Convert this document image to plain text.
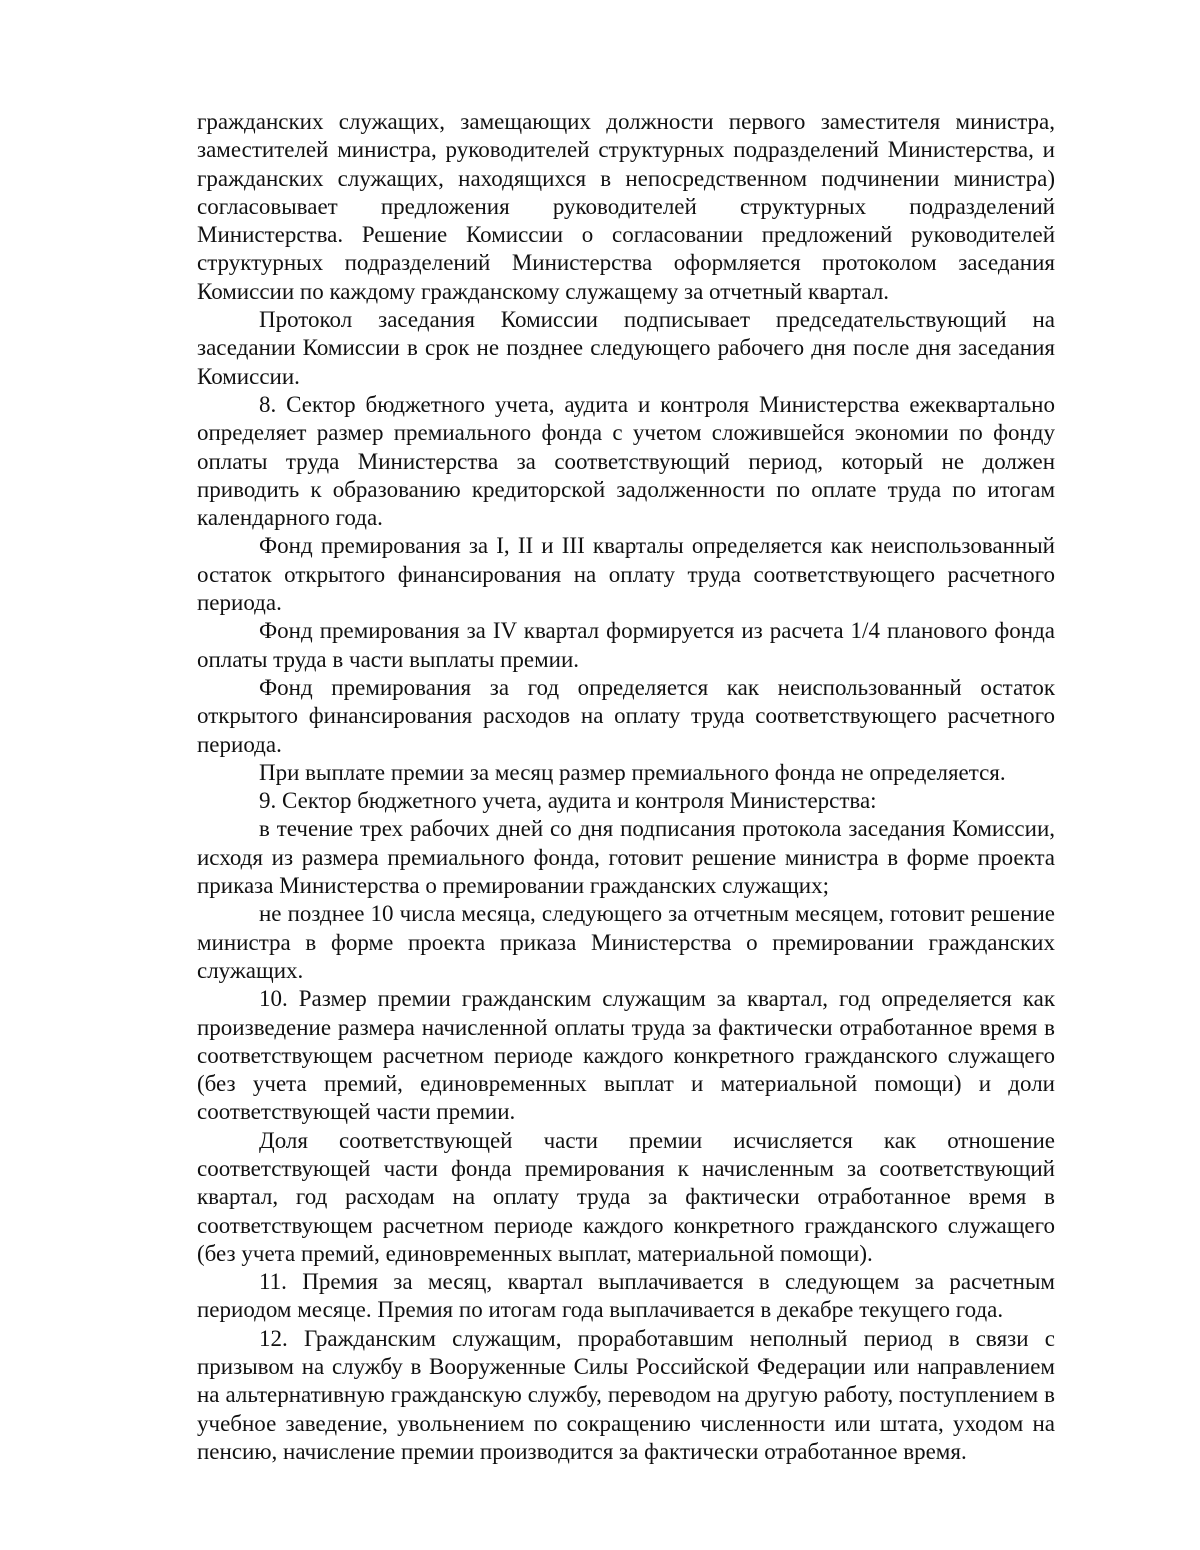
гражданских служащих, замещающих должности первого заместителя министра, заместителей министра, руководителей структурных подразделений Министерства, и гражданских служащих, находящихся в непосредственном подчинении министра) согласовывает предложения руководителей структурных подразделений Министерства. Решение Комиссии о согласовании предложений руководителей структурных подразделений Министерства оформляется протоколом заседания Комиссии по каждому гражданскому служащему за отчетный квартал.

Протокол заседания Комиссии подписывает председательствующий на заседании Комиссии в срок не позднее следующего рабочего дня после дня заседания Комиссии.

8. Сектор бюджетного учета, аудита и контроля Министерства ежеквартально определяет размер премиального фонда с учетом сложившейся экономии по фонду оплаты труда Министерства за соответствующий период, который не должен приводить к образованию кредиторской задолженности по оплате труда по итогам календарного года.

Фонд премирования за I, II и III кварталы определяется как неиспользованный остаток открытого финансирования на оплату труда соответствующего расчетного периода.

Фонд премирования за IV квартал формируется из расчета 1/4 планового фонда оплаты труда в части выплаты премии.

Фонд премирования за год определяется как неиспользованный остаток открытого финансирования расходов на оплату труда соответствующего расчетного периода.

При выплате премии за месяц размер премиального фонда не определяется.

9. Сектор бюджетного учета, аудита и контроля Министерства:

в течение трех рабочих дней со дня подписания протокола заседания Комиссии, исходя из размера премиального фонда, готовит решение министра в форме проекта приказа Министерства о премировании гражданских служащих;

не позднее 10 числа месяца, следующего за отчетным месяцем, готовит решение министра в форме проекта приказа Министерства о премировании гражданских служащих.

10. Размер премии гражданским служащим за квартал, год определяется как произведение размера начисленной оплаты труда за фактически отработанное время в соответствующем расчетном периоде каждого конкретного гражданского служащего (без учета премий, единовременных выплат и материальной помощи) и доли соответствующей части премии.

Доля соответствующей части премии исчисляется как отношение соответствующей части фонда премирования к начисленным за соответствующий квартал, год расходам на оплату труда за фактически отработанное время в соответствующем расчетном периоде каждого конкретного гражданского служащего (без учета премий, единовременных выплат, материальной помощи).

11. Премия за месяц, квартал выплачивается в следующем за расчетным периодом месяце. Премия по итогам года выплачивается в декабре текущего года.

12. Гражданским служащим, проработавшим неполный период в связи с призывом на службу в Вооруженные Силы Российской Федерации или направлением на альтернативную гражданскую службу, переводом на другую работу, поступлением в учебное заведение, увольнением по сокращению численности или штата, уходом на пенсию, начисление премии производится за фактически отработанное время.
